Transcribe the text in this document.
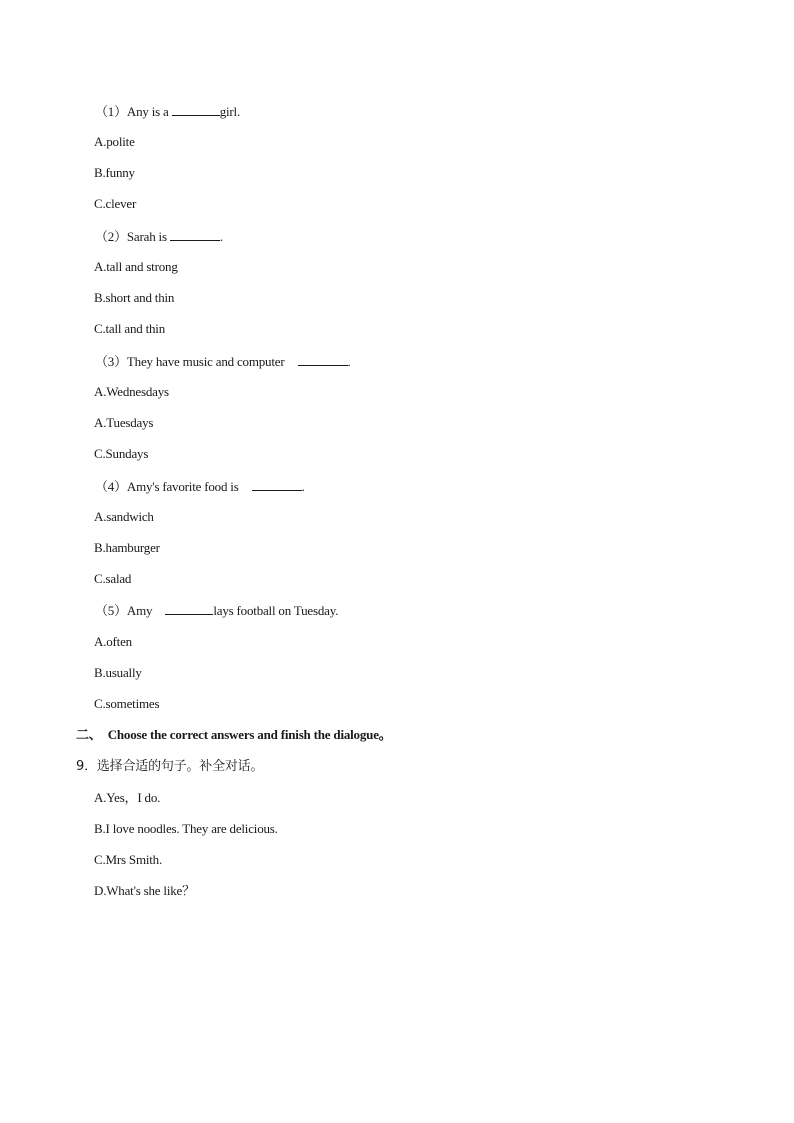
（1）Any is a	girl.
A.polite
B.funny
C.clever
（2）Sarah is	.
A.tall and strong
B.short and thin
C.tall and thin
（3）They have music and computer	.
A.Wednesdays
A.Tuesdays
C.Sundays
（4）Amy's favorite food is	.
A.sandwich
B.hamburger
C.salad
（5）Amy	lays football on Tuesday.
A.often
B.usually
C.sometimes
二、  Choose the correct answers and finish the dialogue。
9．选择合适的句子。补全对话。
A.Yes，I do.
B.I love noodles. They are delicious.
C.Mrs Smith.
D.What's she like？
